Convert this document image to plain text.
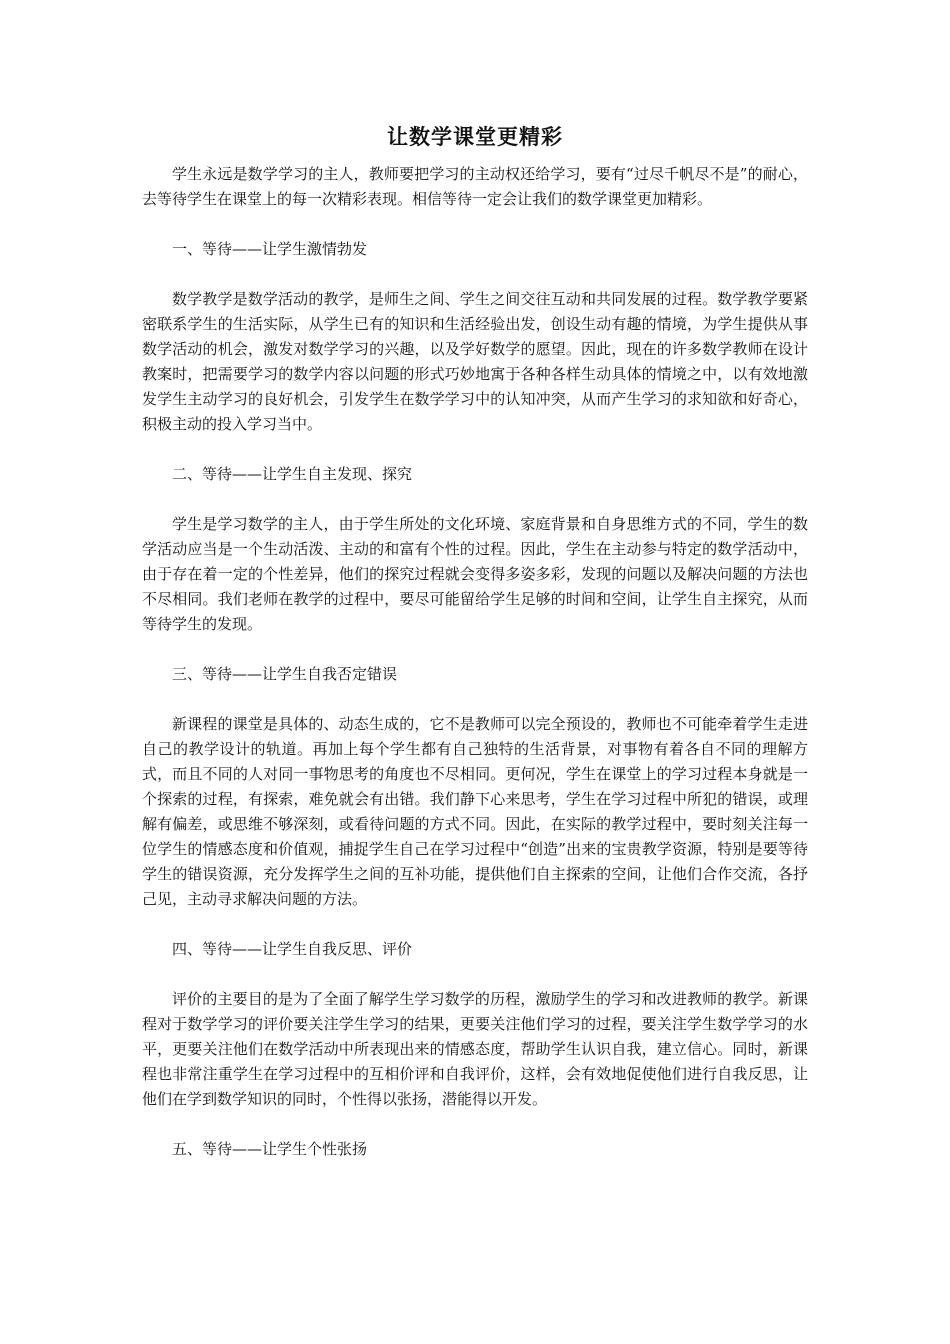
让数学课堂更精彩

学生永远是数学学习的主人，教师要把学习的主动权还给学习，要有“过尽千帆尽不是”的耐心，去等待学生在课堂上的每一次精彩表现。相信等待一定会让我们的数学课堂更加精彩。

一、等待——让学生激情勃发

数学教学是数学活动的教学，是师生之间、学生之间交往互动和共同发展的过程。数学教学要紧密联系学生的生活实际，从学生已有的知识和生活经验出发，创设生动有趣的情境，为学生提供从事数学活动的机会，激发对数学学习的兴趣，以及学好数学的愿望。因此，现在的许多数学教师在设计教案时，把需要学习的数学内容以问题的形式巧妙地寓于各种各样生动具体的情境之中，以有效地激发学生主动学习的良好机会，引发学生在数学学习中的认知冲突，从而产生学习的求知欲和好奇心，积极主动的投入学习当中。

二、等待——让学生自主发现、探究

学生是学习数学的主人，由于学生所处的文化环境、家庭背景和自身思维方式的不同，学生的数学活动应当是一个生动活泼、主动的和富有个性的过程。因此，学生在主动参与特定的数学活动中，由于存在着一定的个性差异，他们的探究过程就会变得多姿多彩，发现的问题以及解决问题的方法也不尽相同。我们老师在教学的过程中，要尽可能留给学生足够的时间和空间，让学生自主探究，从而等待学生的发现。

三、等待——让学生自我否定错误

新课程的课堂是具体的、动态生成的，它不是教师可以完全预设的，教师也不可能牵着学生走进自己的教学设计的轨道。再加上每个学生都有自己独特的生活背景，对事物有着各自不同的理解方式，而且不同的人对同一事物思考的角度也不尽相同。更何况，学生在课堂上的学习过程本身就是一个探索的过程，有探索，难免就会有出错。我们静下心来思考，学生在学习过程中所犯的错误，或理解有偏差，或思维不够深刻，或看待问题的方式不同。因此，在实际的教学过程中，要时刻关注每一位学生的情感态度和价值观，捕捉学生自己在学习过程中“创造”出来的宝贵教学资源，特别是要等待学生的错误资源，充分发挥学生之间的互补功能，提供他们自主探索的空间，让他们合作交流，各抒己见，主动寻求解决问题的方法。

四、等待——让学生自我反思、评价

评价的主要目的是为了全面了解学生学习数学的历程，激励学生的学习和改进教师的教学。新课程对于数学学习的评价要关注学生学习的结果，更要关注他们学习的过程，要关注学生数学学习的水平，更要关注他们在数学活动中所表现出来的情感态度，帮助学生认识自我，建立信心。同时，新课程也非常注重学生在学习过程中的互相价评和自我评价，这样，会有效地促使他们进行自我反思，让他们在学到数学知识的同时，个性得以张扬，潜能得以开发。

五、等待——让学生个性张扬
